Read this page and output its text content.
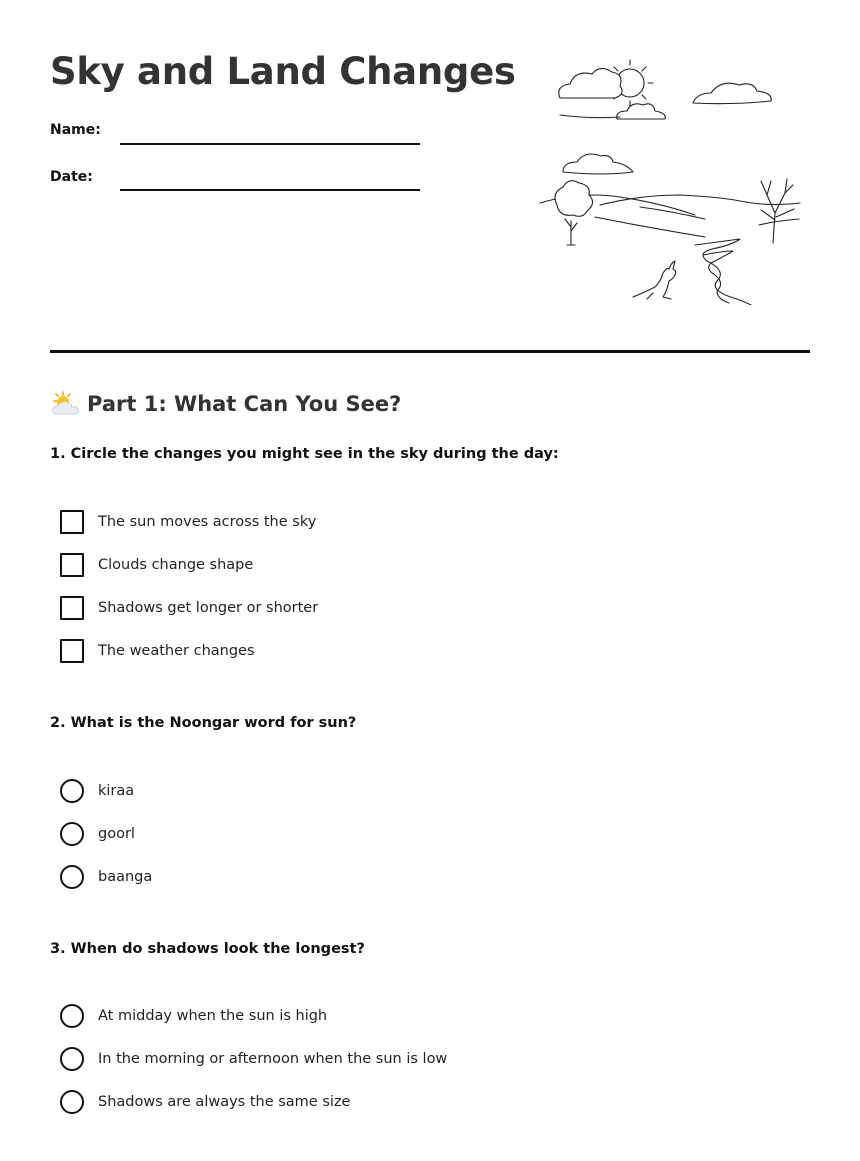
Sky and Land Changes
Name:
Date:
Part 1: What Can You See?
1. Circle the changes you might see in the sky during the day:
The sun moves across the sky
Clouds change shape
Shadows get longer or shorter
The weather changes
2. What is the Noongar word for sun?
kiraa
goorl
baanga
3. When do shadows look the longest?
At midday when the sun is high
In the morning or afternoon when the sun is low
Shadows are always the same size
